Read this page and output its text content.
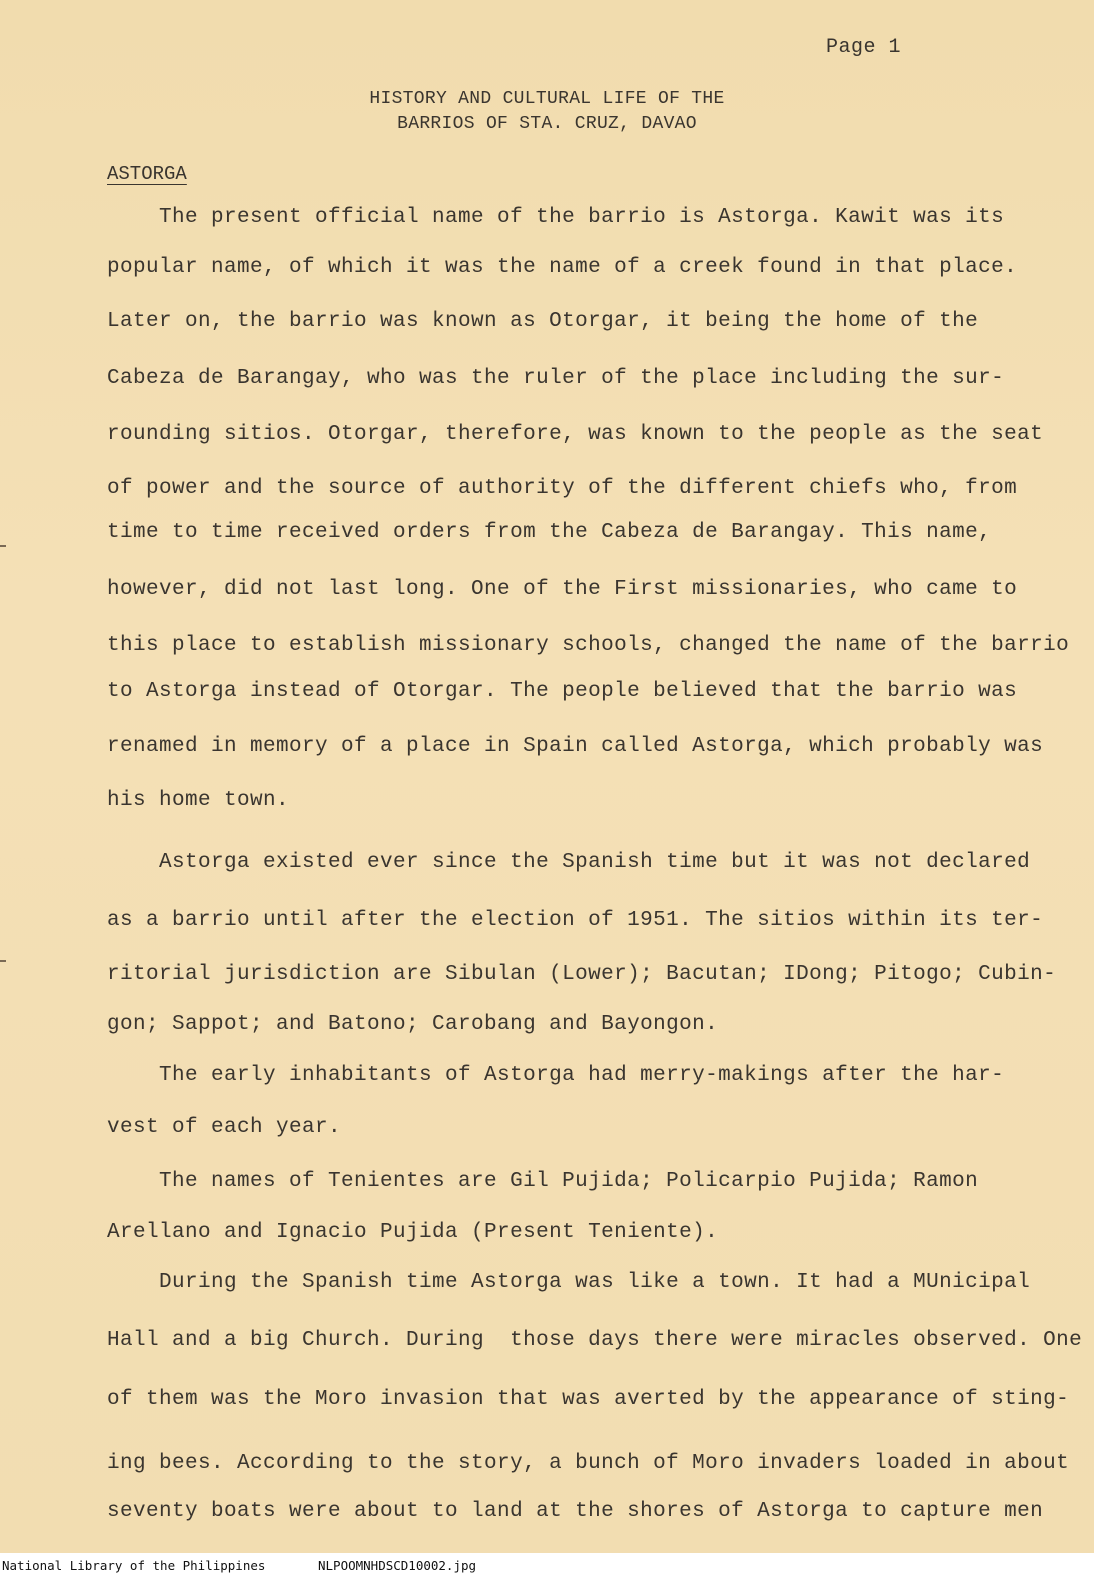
Page 1
HISTORY AND CULTURAL LIFE OF THE
BARRIOS OF STA. CRUZ, DAVAO
ASTORGA
The present official name of the barrio is Astorga. Kawit was its
popular name, of which it was the name of a creek found in that place.
Later on, the barrio was known as Otorgar, it being the home of the
Cabeza de Barangay, who was the ruler of the place including the sur-
rounding sitios. Otorgar, therefore, was known to the people as the seat
of power and the source of authority of the different chiefs who, from
time to time received orders from the Cabeza de Barangay. This name,
however, did not last long. One of the First missionaries, who came to
this place to establish missionary schools, changed the name of the barrio
to Astorga instead of Otorgar. The people believed that the barrio was
renamed in memory of a place in Spain called Astorga, which probably was
his home town.
Astorga existed ever since the Spanish time but it was not declared
as a barrio until after the election of 1951. The sitios within its ter-
ritorial jurisdiction are Sibulan (Lower); Bacutan; IDong; Pitogo; Cubin-
gon; Sappot; and Batono; Carobang and Bayongon.
The early inhabitants of Astorga had merry-makings after the har-
vest of each year.
The names of Tenientes are Gil Pujida; Policarpio Pujida; Ramon
Arellano and Ignacio Pujida (Present Teniente).
During the Spanish time Astorga was like a town. It had a MUnicipal
Hall and a big Church. During  those days there were miracles observed. One
of them was the Moro invasion that was averted by the appearance of sting-
ing bees. According to the story, a bunch of Moro invaders loaded in about
seventy boats were about to land at the shores of Astorga to capture men
National Library of the Philippines	NLPOOMNHDSCD10002.jpg
